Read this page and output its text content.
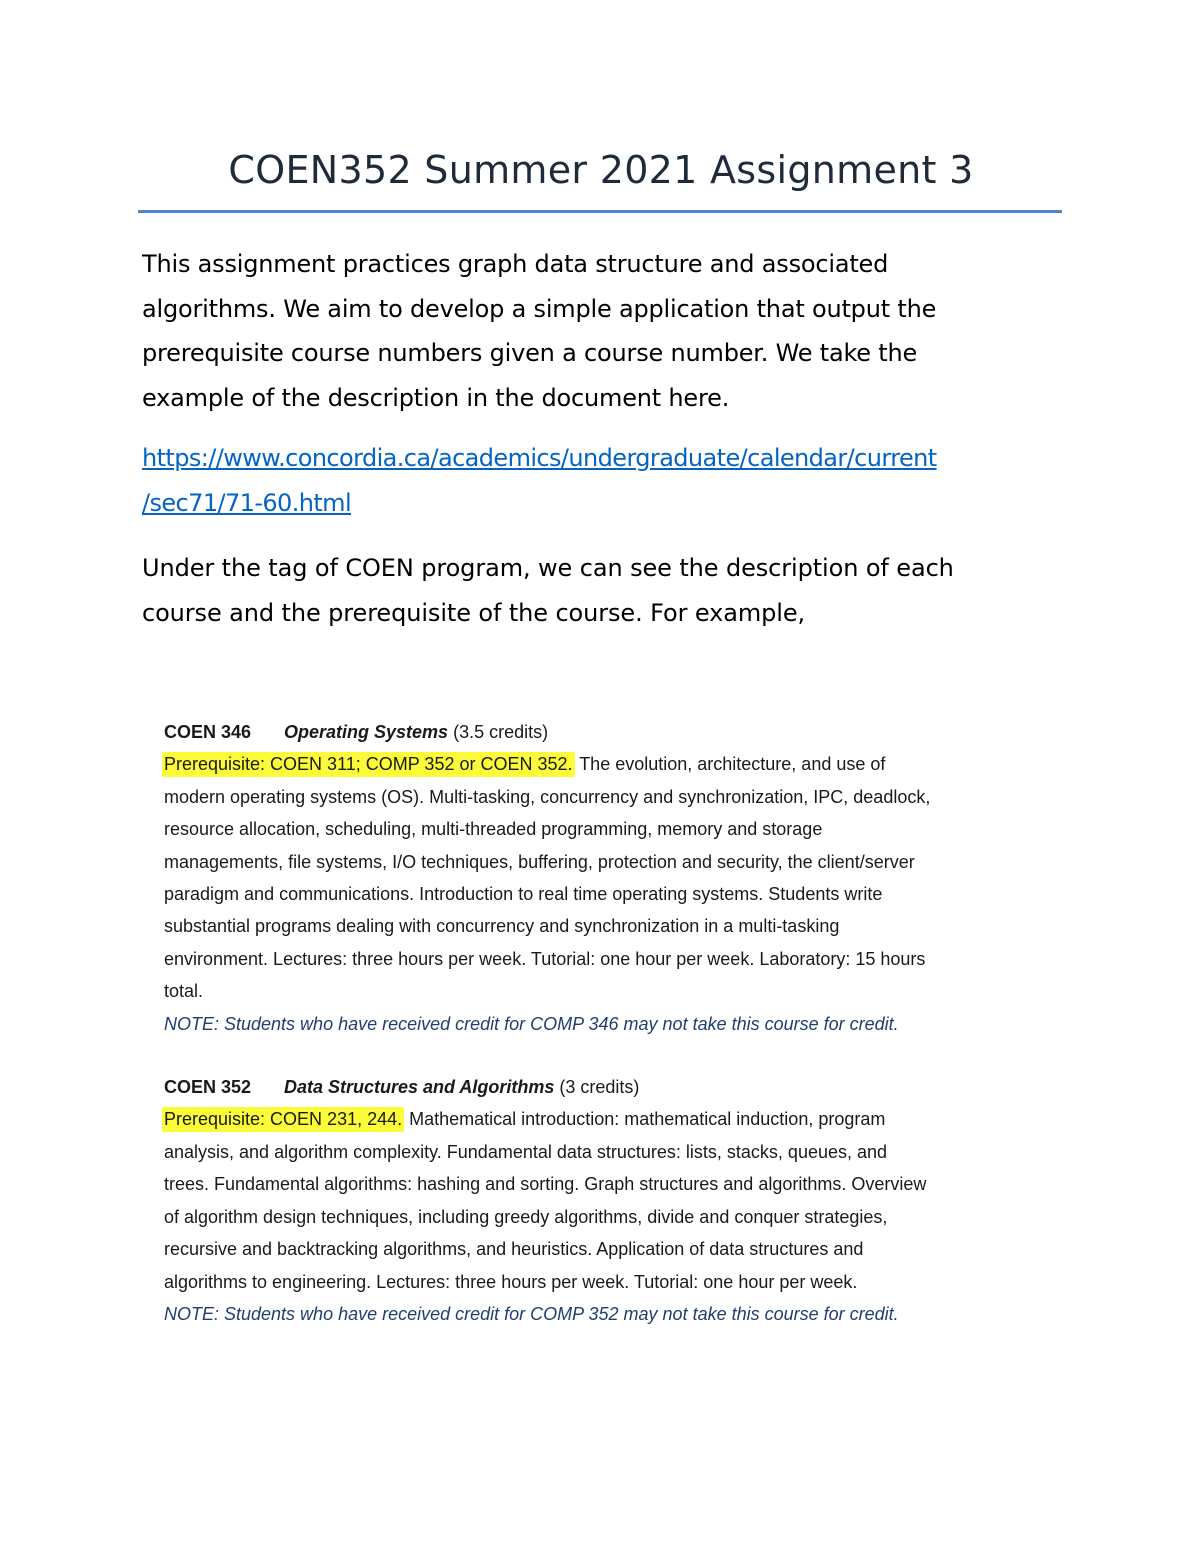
COEN352 Summer 2021 Assignment 3

This assignment practices graph data structure and associated
algorithms. We aim to develop a simple application that output the
prerequisite course numbers given a course number. We take the
example of the description in the document here.

https://www.concordia.ca/academics/undergraduate/calendar/current
/sec71/71-60.html

Under the tag of COEN program, we can see the description of each
course and the prerequisite of the course. For example,

COEN 346 Operating Systems (3.5 credits)
Prerequisite: COEN 311; COMP 352 or COEN 352. The evolution, architecture, and use of
modern operating systems (OS). Multi-tasking, concurrency and synchronization, IPC, deadlock,
resource allocation, scheduling, multi-threaded programming, memory and storage
managements, file systems, I/O techniques, buffering, protection and security, the client/server
paradigm and communications. Introduction to real time operating systems. Students write
substantial programs dealing with concurrency and synchronization in a multi-tasking
environment. Lectures: three hours per week. Tutorial: one hour per week. Laboratory: 15 hours
total.
NOTE: Students who have received credit for COMP 346 may not take this course for credit.
COEN 352 Data Structures and Algorithms (3 credits)
Prerequisite: COEN 231, 244. Mathematical introduction: mathematical induction, program
analysis, and algorithm complexity. Fundamental data structures: lists, stacks, queues, and
trees. Fundamental algorithms: hashing and sorting. Graph structures and algorithms. Overview
of algorithm design techniques, including greedy algorithms, divide and conquer strategies,
recursive and backtracking algorithms, and heuristics. Application of data structures and
algorithms to engineering. Lectures: three hours per week. Tutorial: one hour per week.
NOTE: Students who have received credit for COMP 352 may not take this course for credit.
